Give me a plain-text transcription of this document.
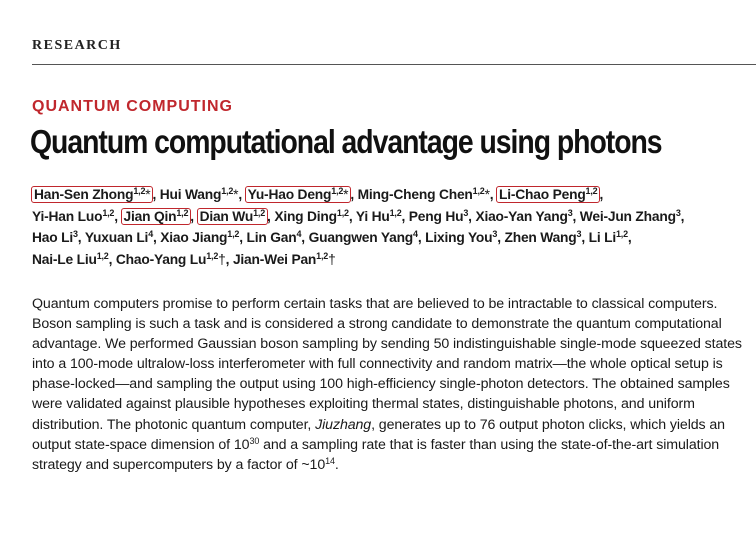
RESEARCH
QUANTUM COMPUTING
Quantum computational advantage using photons
Han-Sen Zhong$^{1,2}$* , Hui Wang$^{1,2}$*, Yu-Hao Deng$^{1,2}$* , Ming-Cheng Chen$^{1,2}$*, Li-Chao Peng$^{1,2}$ ,
Yi-Han Luo$^{1,2}$, Jian Qin$^{1,2}$ , Dian Wu$^{1,2}$ , Xing Ding$^{1,2}$, Yi Hu$^{1,2}$, Peng Hu$^3$, Xiao-Yan Yang$^3$, Wei-Jun Zhang$^3$,
Hao Li$^3$, Yuxuan Li$^4$, Xiao Jiang$^{1,2}$, Lin Gan$^4$, Guangwen Yang$^4$, Lixing You$^3$, Zhen Wang$^3$, Li Li$^{1,2}$,
Nai-Le Liu$^{1,2}$, Chao-Yang Lu$^{1,2}$†, Jian-Wei Pan$^{1,2}$†
Quantum computers promise to perform certain tasks that are believed to be intractable to classical computers. Boson sampling is such a task and is considered a strong candidate to demonstrate the quantum computational advantage. We performed Gaussian boson sampling by sending 50 indistinguishable single-mode squeezed states into a 100-mode ultralow-loss interferometer with full connectivity and random matrix—the whole optical setup is phase-locked—and sampling the output using 100 high-efficiency single-photon detectors. The obtained samples were validated against plausible hypotheses exploiting thermal states, distinguishable photons, and uniform distribution. The photonic quantum computer, Jiuzhang, generates up to 76 output photon clicks, which yields an output state-space dimension of $10^{30}$ and a sampling rate that is faster than using the state-of-the-art simulation strategy and supercomputers by a factor of $\sim 10^{14}$.
